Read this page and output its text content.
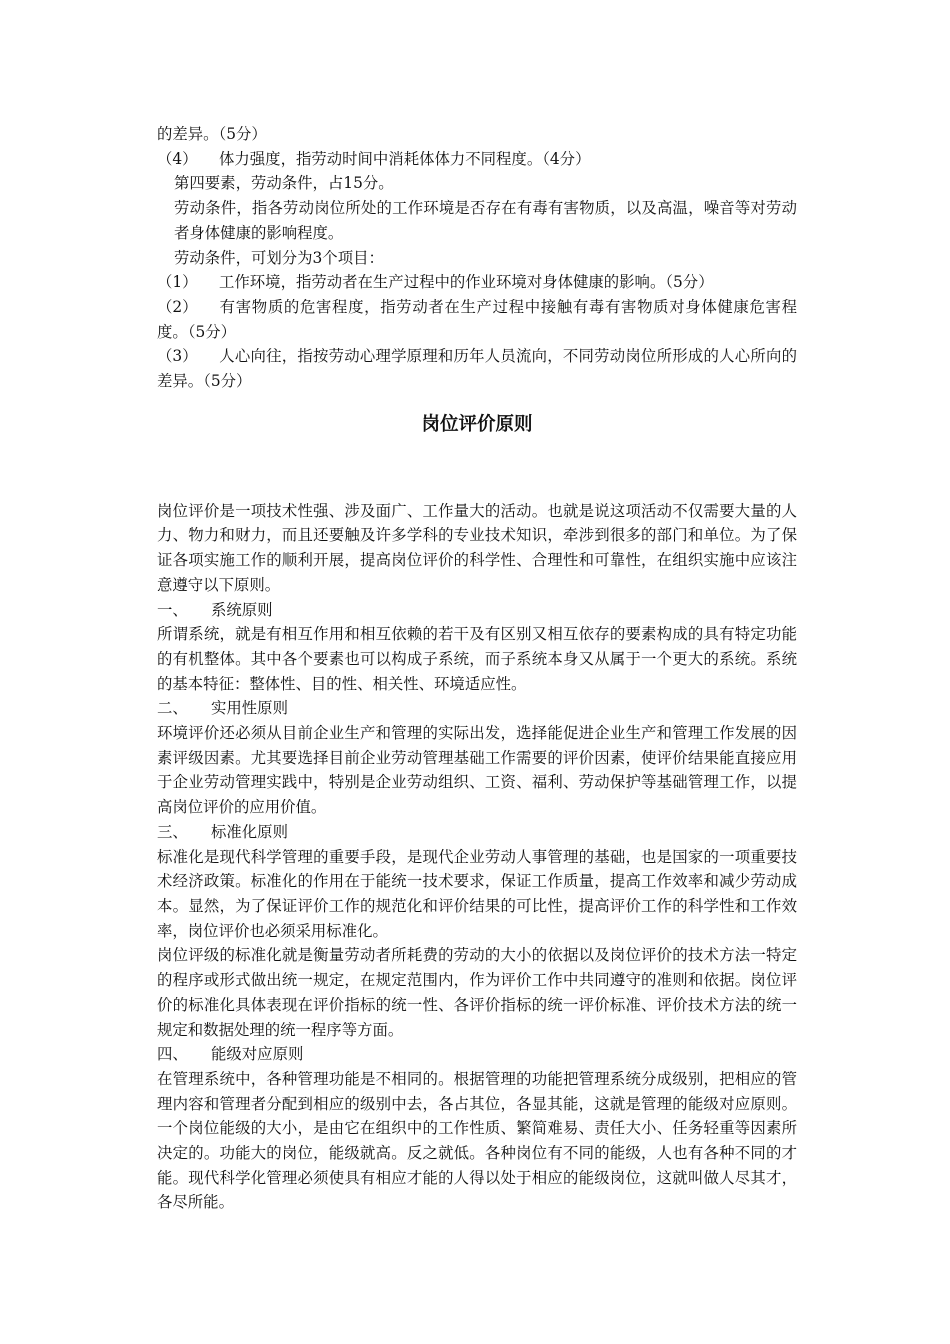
的差异。（5分）

（4） 体力强度，指劳动时间中消耗体体力不同程度。（4分）

第四要素，劳动条件，占15分。

劳动条件，指各劳动岗位所处的工作环境是否存在有毒有害物质，以及高温，噪音等对劳动者身体健康的影响程度。

劳动条件，可划分为3个项目：

（1） 工作环境，指劳动者在生产过程中的作业环境对身体健康的影响。（5分）

（2） 有害物质的危害程度，指劳动者在生产过程中接触有毒有害物质对身体健康危害程度。（5分）

（3） 人心向往，指按劳动心理学原理和历年人员流向，不同劳动岗位所形成的人心所向的差异。（5分）

岗位评价原则

岗位评价是一项技术性强、涉及面广、工作量大的活动。也就是说这项活动不仅需要大量的人力、物力和财力，而且还要触及许多学科的专业技术知识，牵涉到很多的部门和单位。为了保证各项实施工作的顺利开展，提高岗位评价的科学性、合理性和可靠性，在组织实施中应该注意遵守以下原则。

一、 系统原则

所谓系统，就是有相互作用和相互依赖的若干及有区别又相互依存的要素构成的具有特定功能的有机整体。其中各个要素也可以构成子系统，而子系统本身又从属于一个更大的系统。系统的基本特征：整体性、目的性、相关性、环境适应性。

二、 实用性原则

环境评价还必须从目前企业生产和管理的实际出发，选择能促进企业生产和管理工作发展的因素评级因素。尤其要选择目前企业劳动管理基础工作需要的评价因素，使评价结果能直接应用于企业劳动管理实践中，特别是企业劳动组织、工资、福利、劳动保护等基础管理工作，以提高岗位评价的应用价值。

三、 标准化原则

标准化是现代科学管理的重要手段，是现代企业劳动人事管理的基础，也是国家的一项重要技术经济政策。标准化的作用在于能统一技术要求，保证工作质量，提高工作效率和减少劳动成本。显然，为了保证评价工作的规范化和评价结果的可比性，提高评价工作的科学性和工作效率，岗位评价也必须采用标准化。

岗位评级的标准化就是衡量劳动者所耗费的劳动的大小的依据以及岗位评价的技术方法一特定的程序或形式做出统一规定，在规定范围内，作为评价工作中共同遵守的准则和依据。岗位评价的标准化具体表现在评价指标的统一性、各评价指标的统一评价标准、评价技术方法的统一规定和数据处理的统一程序等方面。

四、 能级对应原则

在管理系统中，各种管理功能是不相同的。根据管理的功能把管理系统分成级别，把相应的管理内容和管理者分配到相应的级别中去，各占其位，各显其能，这就是管理的能级对应原则。一个岗位能级的大小，是由它在组织中的工作性质、繁简难易、责任大小、任务轻重等因素所决定的。功能大的岗位，能级就高。反之就低。各种岗位有不同的能级，人也有各种不同的才能。现代科学化管理必须使具有相应才能的人得以处于相应的能级岗位，这就叫做人尽其才，各尽所能。
